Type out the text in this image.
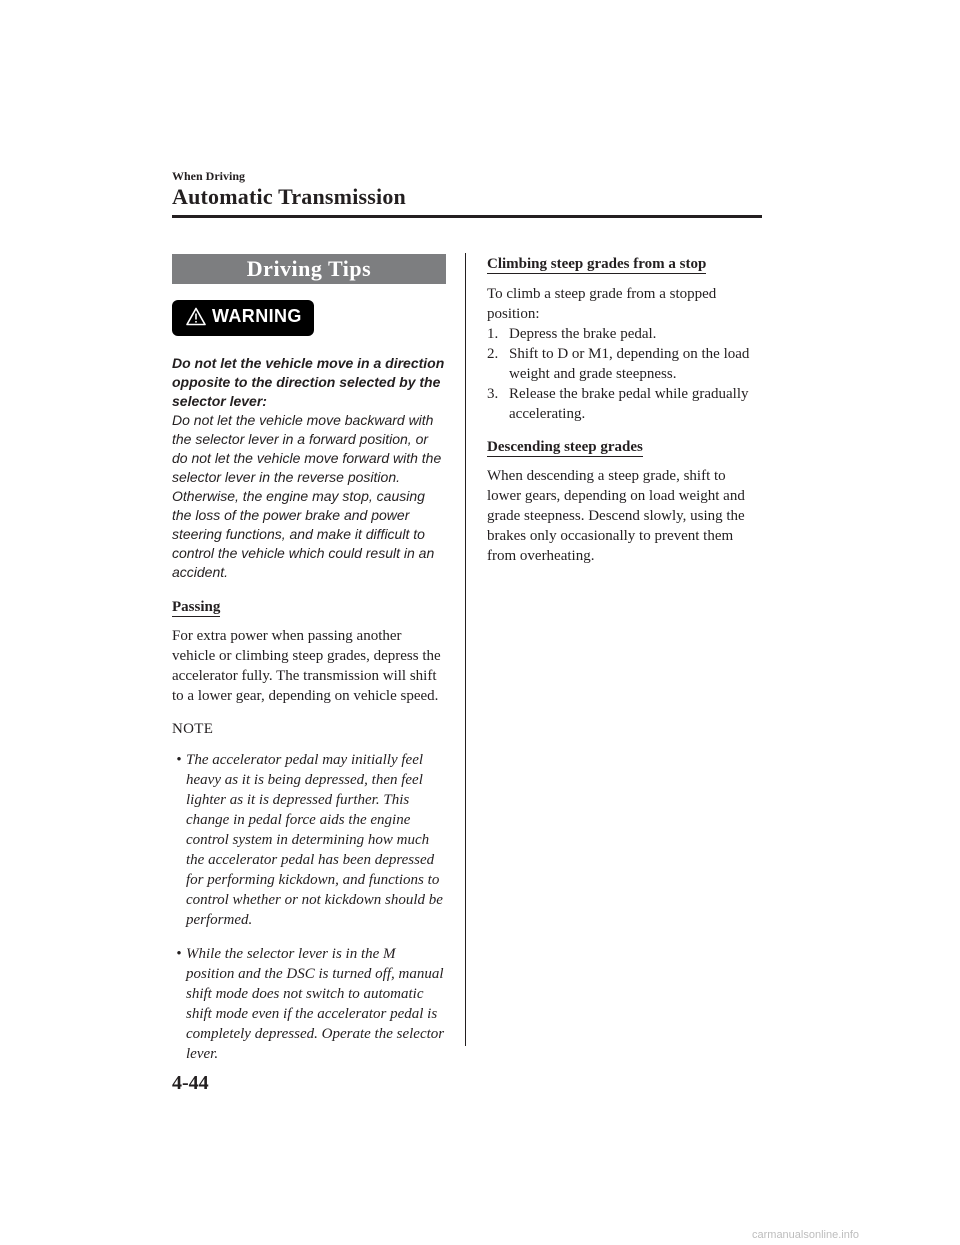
When Driving
Automatic Transmission
Driving Tips
WARNING
Do not let the vehicle move in a direction opposite to the direction selected by the selector lever:
Do not let the vehicle move backward with the selector lever in a forward position, or do not let the vehicle move forward with the selector lever in the reverse position. Otherwise, the engine may stop, causing the loss of the power brake and power steering functions, and make it difficult to control the vehicle which could result in an accident.
Passing
For extra power when passing another vehicle or climbing steep grades, depress the accelerator fully. The transmission will shift to a lower gear, depending on vehicle speed.
NOTE
• The accelerator pedal may initially feel heavy as it is being depressed, then feel lighter as it is depressed further. This change in pedal force aids the engine control system in determining how much the accelerator pedal has been depressed for performing kickdown, and functions to control whether or not kickdown should be performed.
• While the selector lever is in the M position and the DSC is turned off, manual shift mode does not switch to automatic shift mode even if the accelerator pedal is completely depressed. Operate the selector lever.
Climbing steep grades from a stop
To climb a steep grade from a stopped position:
1. Depress the brake pedal.
2. Shift to D or M1, depending on the load weight and grade steepness.
3. Release the brake pedal while gradually accelerating.
Descending steep grades
When descending a steep grade, shift to lower gears, depending on load weight and grade steepness. Descend slowly, using the brakes only occasionally to prevent them from overheating.
4-44
carmanualsonline.info
